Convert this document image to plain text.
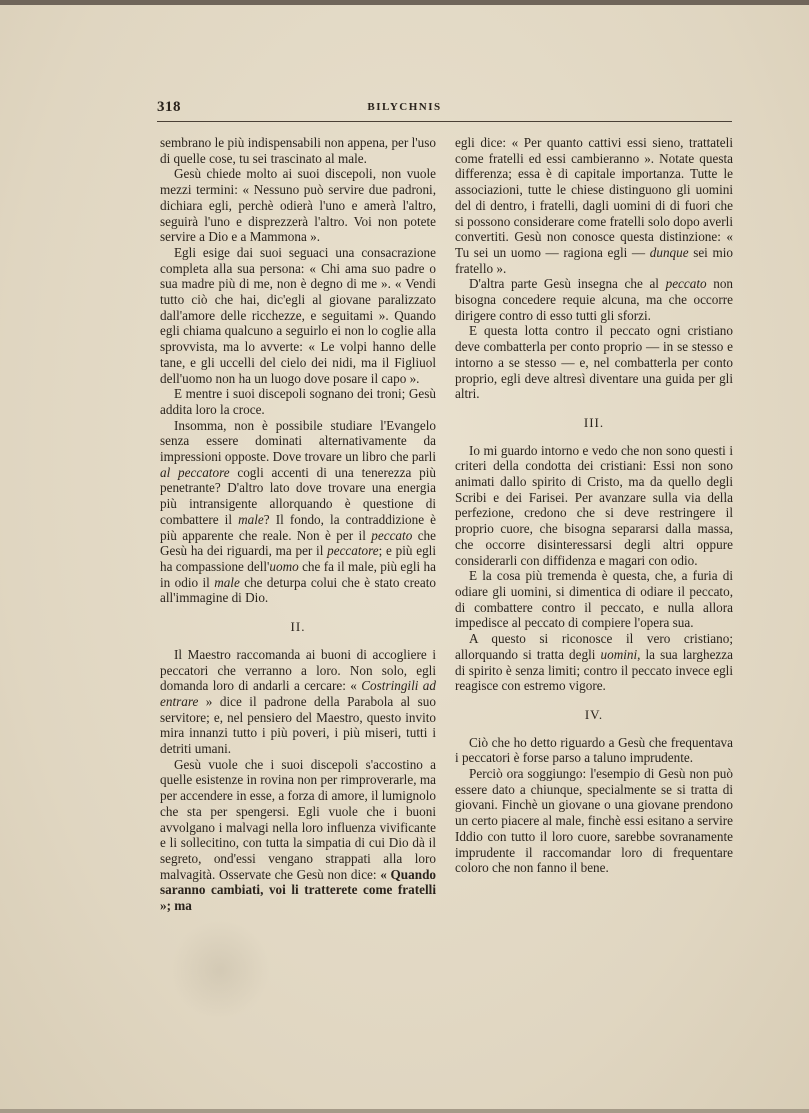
318	BILYCHNIS

sembrano le più indispensabili non appena, per l'uso di quelle cose, tu sei trascinato al male.

Gesù chiede molto ai suoi discepoli, non vuole mezzi termini: « Nessuno può servire due padroni, dichiara egli, perchè odierà l'uno e amerà l'altro, seguirà l'uno e disprezzerà l'altro. Voi non potete servire a Dio e a Mammona ».

Egli esige dai suoi seguaci una consacrazione completa alla sua persona: « Chi ama suo padre o sua madre più di me, non è degno di me ». « Vendi tutto ciò che hai, dic'egli al giovane paralizzato dall'amore delle ricchezze, e seguitami ». Quando egli chiama qualcuno a seguirlo ei non lo coglie alla sprovvista, ma lo avverte: « Le volpi hanno delle tane, e gli uccelli del cielo dei nidi, ma il Figliuol dell'uomo non ha un luogo dove posare il capo ».

E mentre i suoi discepoli sognano dei troni; Gesù addita loro la croce.

Insomma, non è possibile studiare l'Evangelo senza essere dominati alternativamente da impressioni opposte. Dove trovare un libro che parli al peccatore cogli accenti di una tenerezza più penetrante? D'altro lato dove trovare una energia più intransigente allorquando è questione di combattere il male? Il fondo, la contraddizione è più apparente che reale. Non è per il peccato che Gesù ha dei riguardi, ma per il peccatore; e più egli ha compassione dell'uomo che fa il male, più egli ha in odio il male che deturpa colui che è stato creato all'immagine di Dio.

II.

Il Maestro raccomanda ai buoni di accogliere i peccatori che verranno a loro. Non solo, egli domanda loro di andarli a cercare: « Costringili ad entrare » dice il padrone della Parabola al suo servitore; e, nel pensiero del Maestro, questo invito mira innanzi tutto i più poveri, i più miseri, tutti i detriti umani.

Gesù vuole che i suoi discepoli s'accostino a quelle esistenze in rovina non per rimproverarle, ma per accendere in esse, a forza di amore, il lumignolo che sta per spengersi. Egli vuole che i buoni avvolgano i malvagi nella loro influenza vivificante e li sollecitino, con tutta la simpatia di cui Dio dà il segreto, ond'essi vengano strappati alla loro malvagità. Osservate che Gesù non dice: « Quando saranno cambiati, voi li tratterete come fratelli »; ma

egli dice: « Per quanto cattivi essi sieno, trattateli come fratelli ed essi cambieranno ». Notate questa differenza; essa è di capitale importanza. Tutte le associazioni, tutte le chiese distinguono gli uomini del di dentro, i fratelli, dagli uomini di di fuori che si possono considerare come fratelli solo dopo averli convertiti. Gesù non conosce questa distinzione: « Tu sei un uomo — ragiona egli — dunque sei mio fratello ».

D'altra parte Gesù insegna che al peccato non bisogna concedere requie alcuna, ma che occorre dirigere contro di esso tutti gli sforzi.

E questa lotta contro il peccato ogni cristiano deve combatterla per conto proprio — in se stesso e intorno a se stesso — e, nel combatterla per conto proprio, egli deve altresì diventare una guida per gli altri.

III.

Io mi guardo intorno e vedo che non sono questi i criteri della condotta dei cristiani: Essi non sono animati dallo spirito di Cristo, ma da quello degli Scribi e dei Farisei. Per avanzare sulla via della perfezione, credono che si deve restringere il proprio cuore, che bisogna separarsi dalla massa, che occorre disinteressarsi degli altri oppure considerarli con diffidenza e magari con odio.

E la cosa più tremenda è questa, che, a furia di odiare gli uomini, si dimentica di odiare il peccato, di combattere contro il peccato, e nulla allora impedisce al peccato di compiere l'opera sua.

A questo si riconosce il vero cristiano; allorquando si tratta degli uomini, la sua larghezza di spirito è senza limiti; contro il peccato invece egli reagisce con estremo vigore.

IV.

Ciò che ho detto riguardo a Gesù che frequentava i peccatori è forse parso a taluno imprudente.

Perciò ora soggiungo: l'esempio di Gesù non può essere dato a chiunque, specialmente se si tratta di giovani. Finchè un giovane o una giovane prendono un certo piacere al male, finchè essi esitano a servire Iddio con tutto il loro cuore, sarebbe sovranamente imprudente il raccomandar loro di frequentare coloro che non fanno il bene.
